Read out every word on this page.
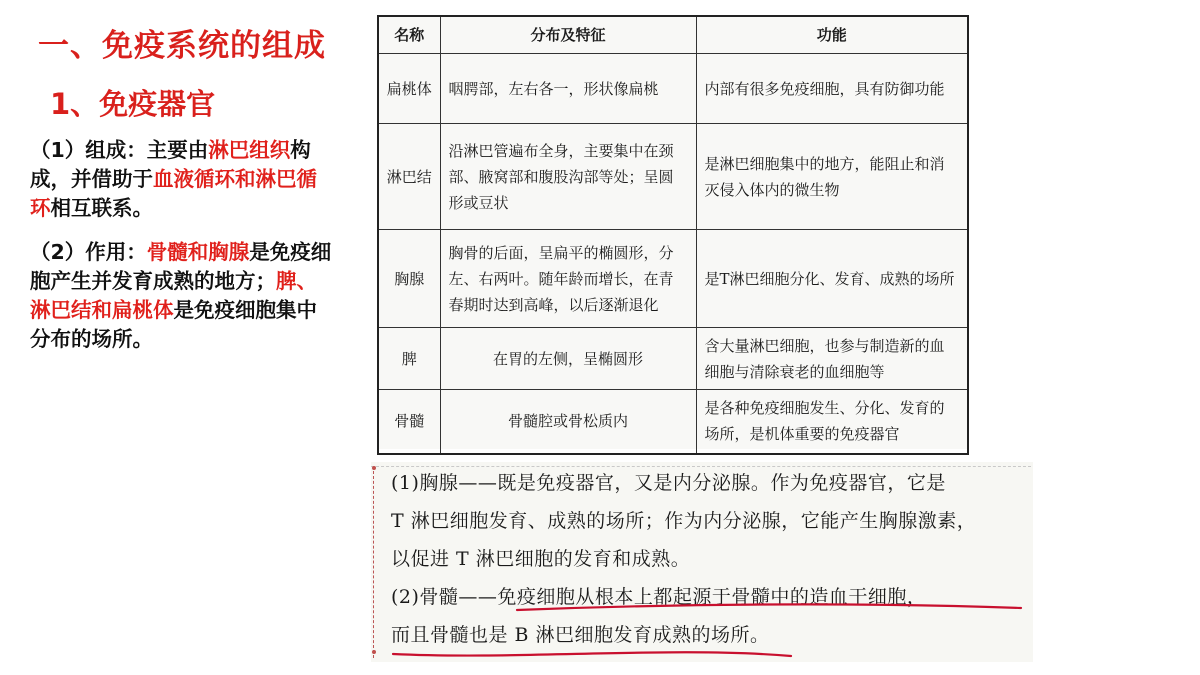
一、免疫系统的组成
1、免疫器官
（1）组成：主要由淋巴组织构成，并借助于血液循环和淋巴循环相互联系。
（2）作用：骨髓和胸腺是免疫细胞产生并发育成熟的地方；脾、淋巴结和扁桃体是免疫细胞集中分布的场所。
名称	分布及特征	功能
扁桃体	咽腭部，左右各一，形状像扁桃	内部有很多免疫细胞，具有防御功能
淋巴结	沿淋巴管遍布全身，主要集中在颈部、腋窝部和腹股沟部等处；呈圆形或豆状	是淋巴细胞集中的地方，能阻止和消灭侵入体内的微生物
胸腺	胸骨的后面，呈扁平的椭圆形，分左、右两叶。随年龄而增长，在青春期时达到高峰，以后逐渐退化	是T淋巴细胞分化、发育、成熟的场所
脾	在胃的左侧，呈椭圆形	含大量淋巴细胞，也参与制造新的血细胞与清除衰老的血细胞等
骨髓	骨髓腔或骨松质内	是各种免疫细胞发生、分化、发育的场所，是机体重要的免疫器官
(1)胸腺——既是免疫器官，又是内分泌腺。作为免疫器官，它是
T 淋巴细胞发育、成熟的场所；作为内分泌腺，它能产生胸腺激素，
以促进 T 淋巴细胞的发育和成熟。
(2)骨髓——免疫细胞从根本上都起源于骨髓中的造血干细胞，
而且骨髓也是 B 淋巴细胞发育成熟的场所。
